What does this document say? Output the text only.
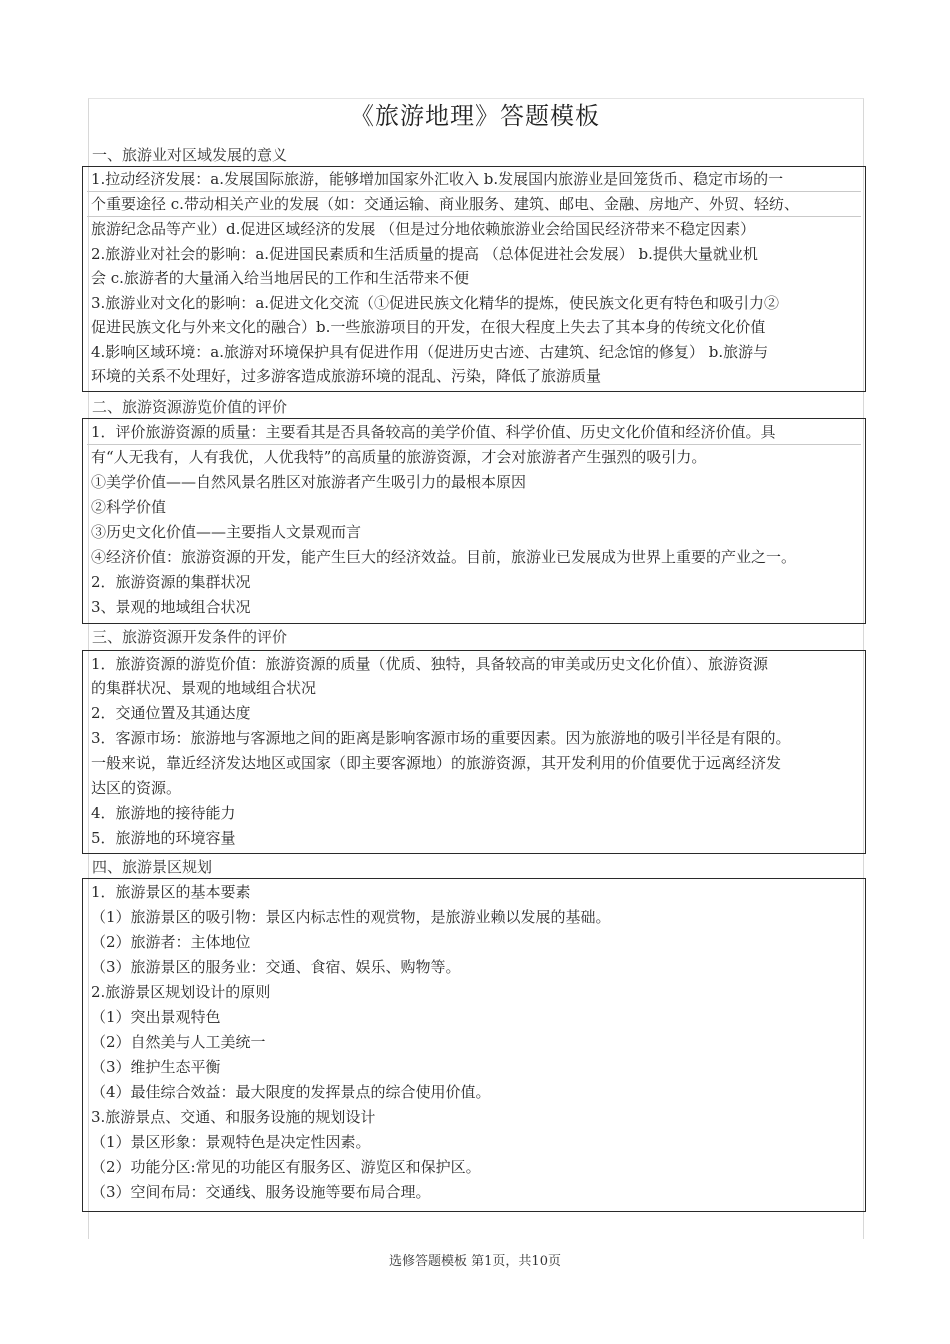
《旅游地理》答题模板
一、旅游业对区域发展的意义
1.拉动经济发展：a.发展国际旅游，能够增加国家外汇收入 b.发展国内旅游业是回笼货币、稳定市场的一
个重要途径 c.带动相关产业的发展（如：交通运输、商业服务、建筑、邮电、金融、房地产、外贸、轻纺、
旅游纪念品等产业）d.促进区域经济的发展 （但是过分地依赖旅游业会给国民经济带来不稳定因素）
2.旅游业对社会的影响：a.促进国民素质和生活质量的提高 （总体促进社会发展） b.提供大量就业机
会 c.旅游者的大量涌入给当地居民的工作和生活带来不便
3.旅游业对文化的影响：a.促进文化交流（①促进民族文化精华的提炼，使民族文化更有特色和吸引力②
促进民族文化与外来文化的融合）b.一些旅游项目的开发，在很大程度上失去了其本身的传统文化价值
4.影响区域环境：a.旅游对环境保护具有促进作用（促进历史古迹、古建筑、纪念馆的修复） b.旅游与
环境的关系不处理好，过多游客造成旅游环境的混乱、污染，降低了旅游质量
二、旅游资源游览价值的评价
1．评价旅游资源的质量：主要看其是否具备较高的美学价值、科学价值、历史文化价值和经济价值。具
有“人无我有，人有我优，人优我特”的高质量的旅游资源，才会对旅游者产生强烈的吸引力。
①美学价值——自然风景名胜区对旅游者产生吸引力的最根本原因
②科学价值
③历史文化价值——主要指人文景观而言
④经济价值：旅游资源的开发，能产生巨大的经济效益。目前，旅游业已发展成为世界上重要的产业之一。
2．旅游资源的集群状况
3、景观的地域组合状况
三、旅游资源开发条件的评价
1．旅游资源的游览价值：旅游资源的质量（优质、独特，具备较高的审美或历史文化价值）、旅游资源
的集群状况、景观的地域组合状况
2．交通位置及其通达度
3．客源市场：旅游地与客源地之间的距离是影响客源市场的重要因素。因为旅游地的吸引半径是有限的。
一般来说，靠近经济发达地区或国家（即主要客源地）的旅游资源，其开发利用的价值要优于远离经济发
达区的资源。
4．旅游地的接待能力
5．旅游地的环境容量
四、旅游景区规划
1．旅游景区的基本要素
（1）旅游景区的吸引物：景区内标志性的观赏物，是旅游业赖以发展的基础。
（2）旅游者：主体地位
（3）旅游景区的服务业：交通、食宿、娱乐、购物等。
2.旅游景区规划设计的原则
（1）突出景观特色
（2）自然美与人工美统一
（3）维护生态平衡
（4）最佳综合效益：最大限度的发挥景点的综合使用价值。
3.旅游景点、交通、和服务设施的规划设计
（1）景区形象：景观特色是决定性因素。
（2）功能分区:常见的功能区有服务区、游览区和保护区。
（3）空间布局：交通线、服务设施等要布局合理。
选修答题模板 第1页，共10页
